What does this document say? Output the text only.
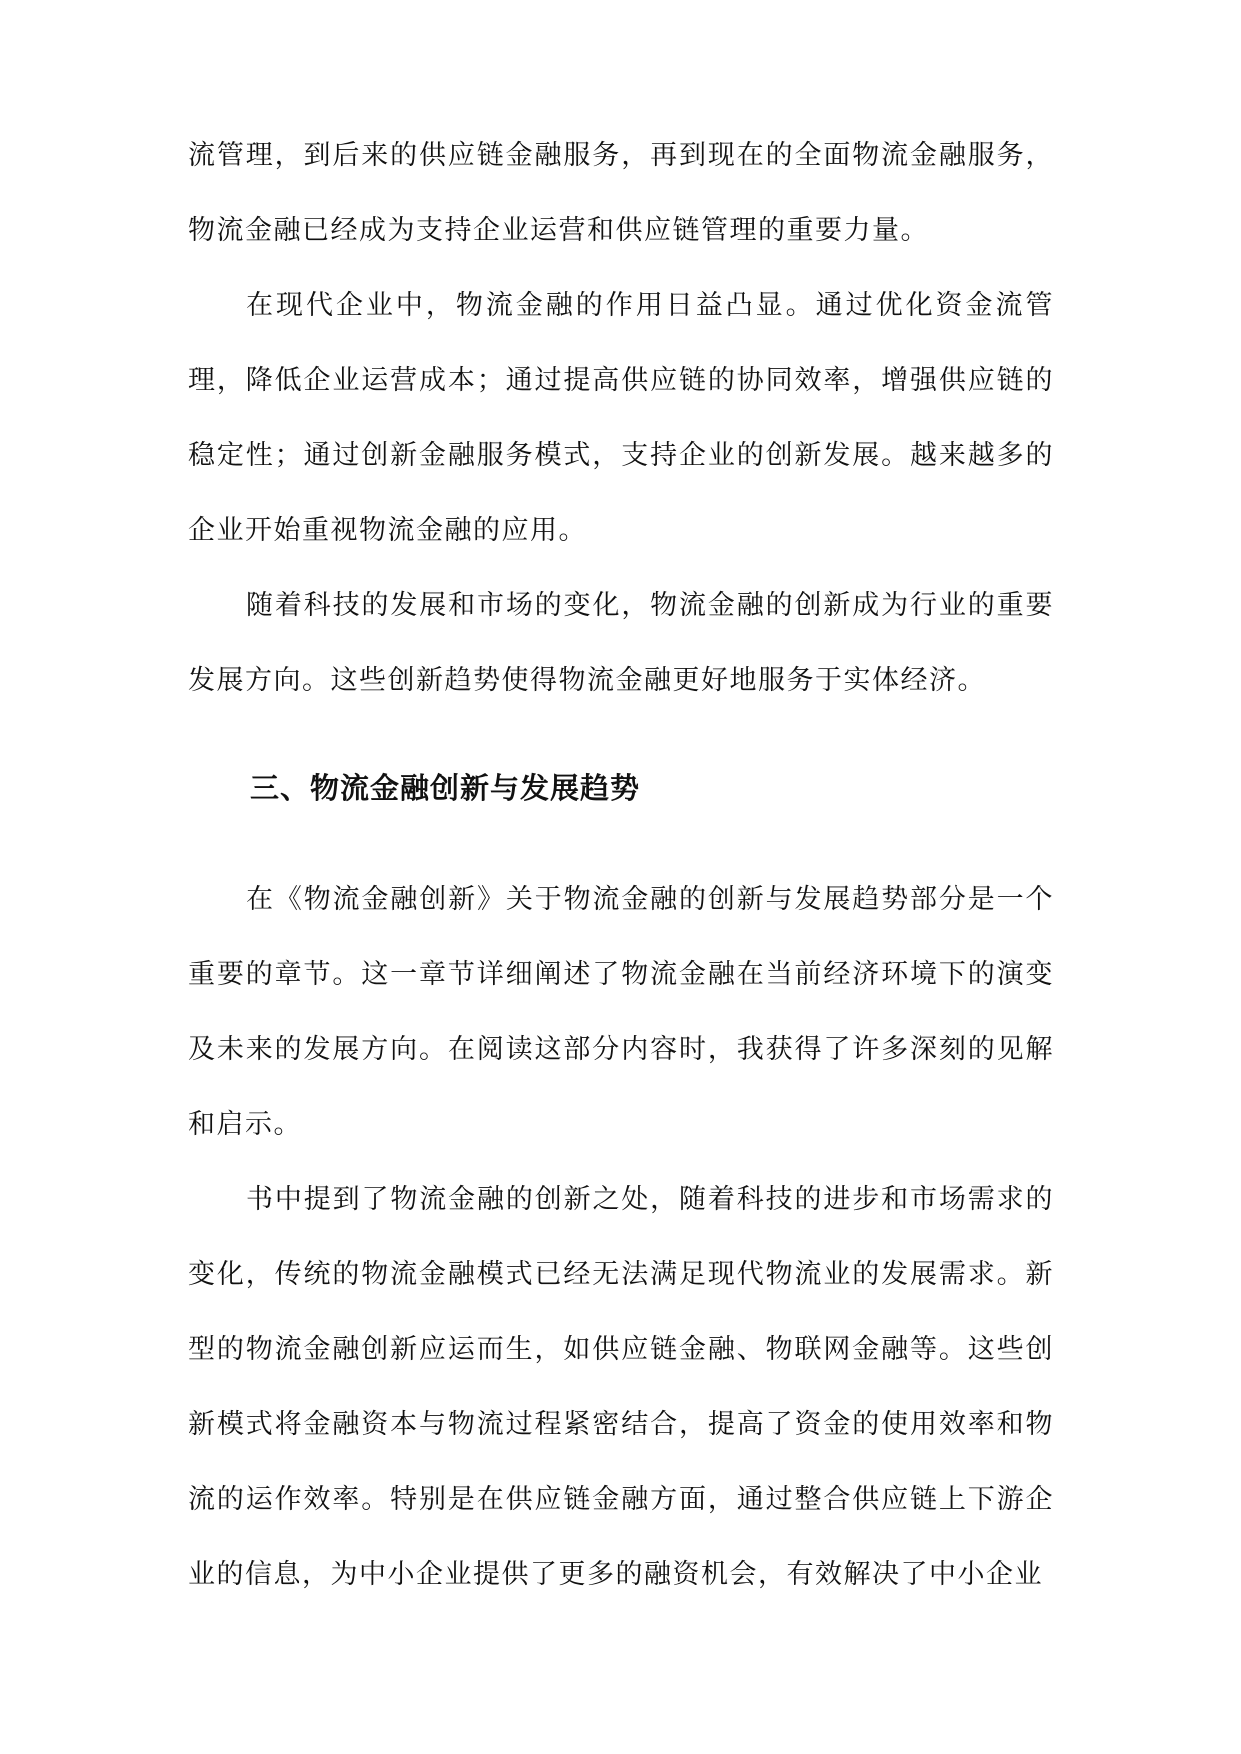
流管理，到后来的供应链金融服务，再到现在的全面物流金融服务，物流金融已经成为支持企业运营和供应链管理的重要力量。

在现代企业中，物流金融的作用日益凸显。通过优化资金流管理，降低企业运营成本；通过提高供应链的协同效率，增强供应链的稳定性；通过创新金融服务模式，支持企业的创新发展。越来越多的企业开始重视物流金融的应用。

随着科技的发展和市场的变化，物流金融的创新成为行业的重要发展方向。这些创新趋势使得物流金融更好地服务于实体经济。

三、物流金融创新与发展趋势

在《物流金融创新》关于物流金融的创新与发展趋势部分是一个重要的章节。这一章节详细阐述了物流金融在当前经济环境下的演变及未来的发展方向。在阅读这部分内容时，我获得了许多深刻的见解和启示。

书中提到了物流金融的创新之处，随着科技的进步和市场需求的变化，传统的物流金融模式已经无法满足现代物流业的发展需求。新型的物流金融创新应运而生，如供应链金融、物联网金融等。这些创新模式将金融资本与物流过程紧密结合，提高了资金的使用效率和物流的运作效率。特别是在供应链金融方面，通过整合供应链上下游企业的信息，为中小企业提供了更多的融资机会，有效解决了中小企业
